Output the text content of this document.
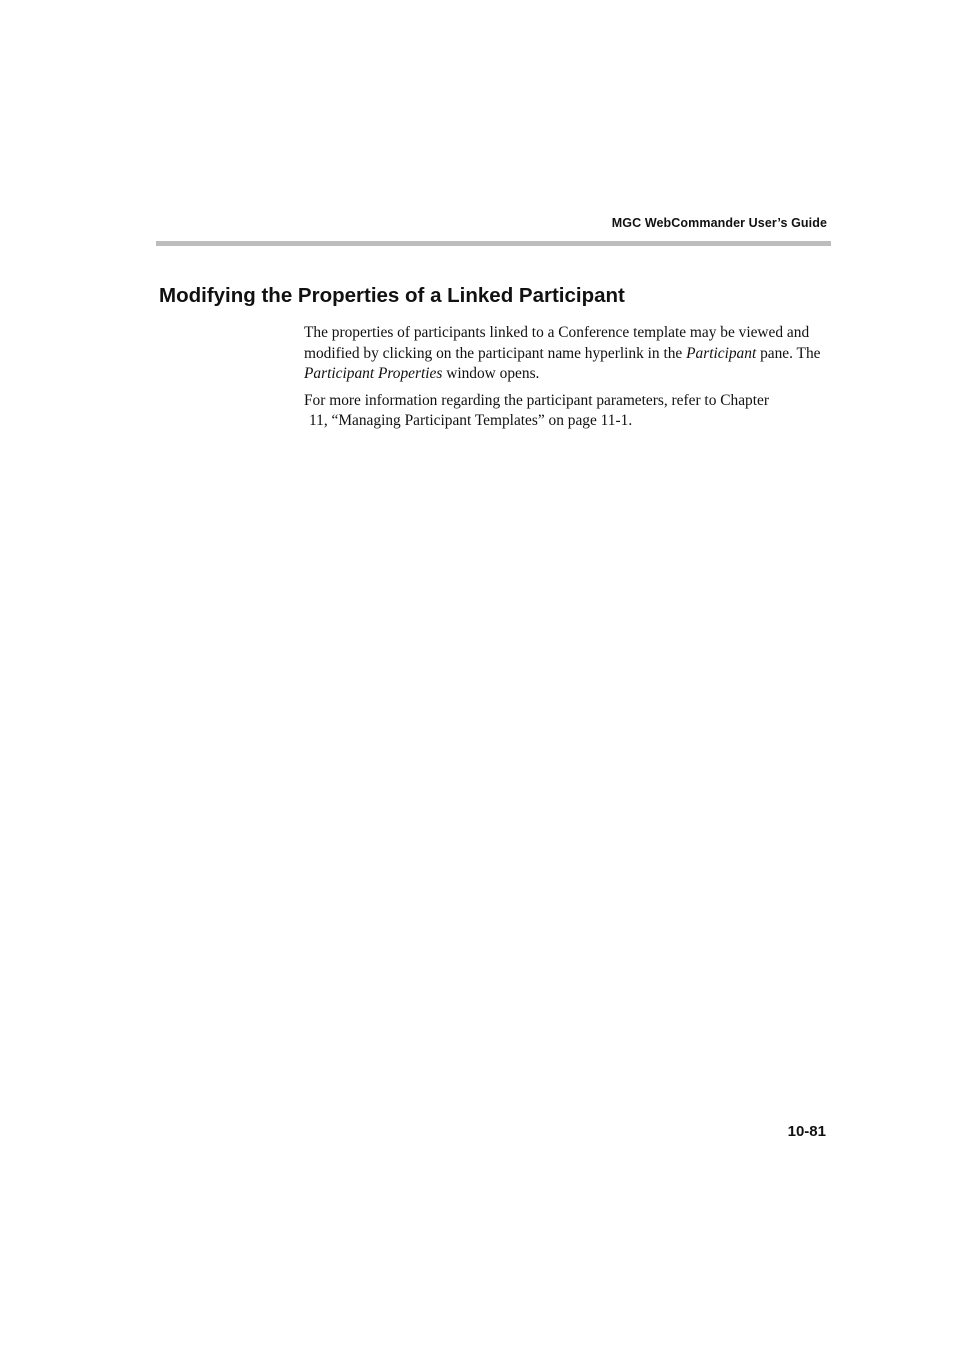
MGC WebCommander User’s Guide
Modifying the Properties of a Linked Participant

The properties of participants linked to a Conference template may be viewed and modified by clicking on the participant name hyperlink in the Participant pane. The Participant Properties window opens.

For more information regarding the participant parameters, refer to Chapter
11, “Managing Participant Templates” on page 11-1.

10-81
